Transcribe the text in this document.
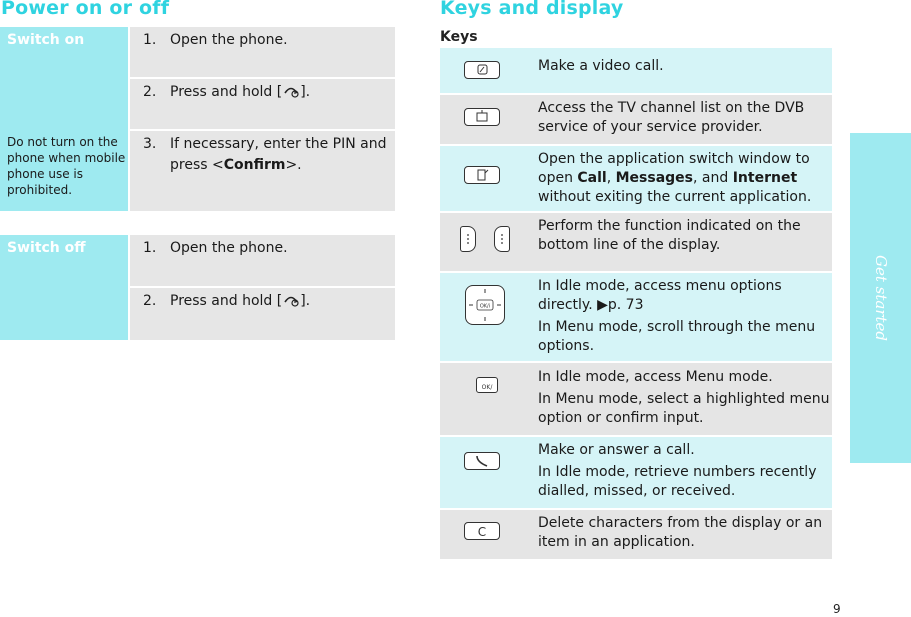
Power on or off	Keys and display
Keys
Switch on
Do not turn on the phone when mobile phone use is prohibited.
1. Open the phone.
2. Press and hold [ ].
3. If necessary, enter the PIN and press <Confirm>.
Switch off	1. Open the phone.
2. Press and hold [ ].

Make a video call.

Access the TV channel list on the DVB service of your service provider.

Open the application switch window to open Call, Messages, and Internet without exiting the current application.

Perform the function indicated on the bottom line of the display.

OK/i

In Idle mode, access menu options directly. ▶p. 73

In Menu mode, scroll through the menu options.

OK/

In Idle mode, access Menu mode.

In Menu mode, select a highlighted menu option or confirm input.

Make or answer a call.

In Idle mode, retrieve numbers recently dialled, missed, or received.

C

Delete characters from the display or an item in an application.

Get started
9
